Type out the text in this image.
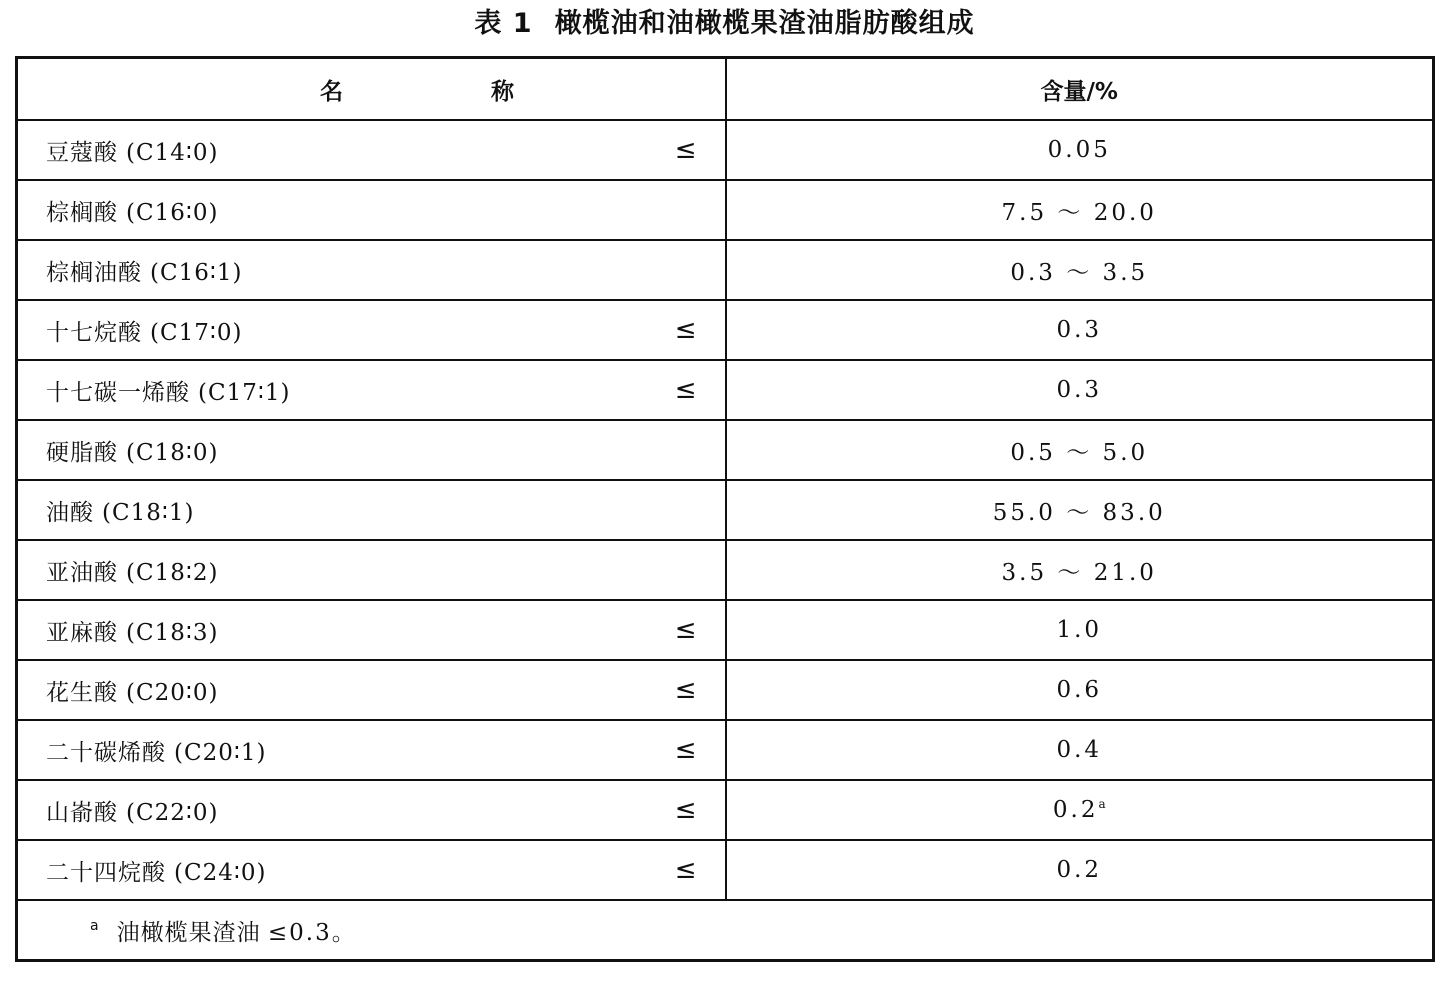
表 1 橄榄油和油橄榄果渣油脂肪酸组成
名 称	含量/%
豆蔻酸 (C14∶0) ≤	0.05
棕榈酸 (C16∶0)	7.5 ～ 20.0
棕榈油酸 (C16∶1)	0.3 ～ 3.5
十七烷酸 (C17∶0) ≤	0.3
十七碳一烯酸 (C17∶1) ≤	0.3
硬脂酸 (C18∶0)	0.5 ～ 5.0
油酸 (C18∶1)	55.0 ～ 83.0
亚油酸 (C18∶2)	3.5 ～ 21.0
亚麻酸 (C18∶3) ≤	1.0
花生酸 (C20∶0) ≤	0.6
二十碳烯酸 (C20∶1) ≤	0.4
山嵛酸 (C22∶0) ≤	0.2$^a$
二十四烷酸 (C24∶0) ≤	0.2
$^a$ 油橄榄果渣油 ≤0.3。	
